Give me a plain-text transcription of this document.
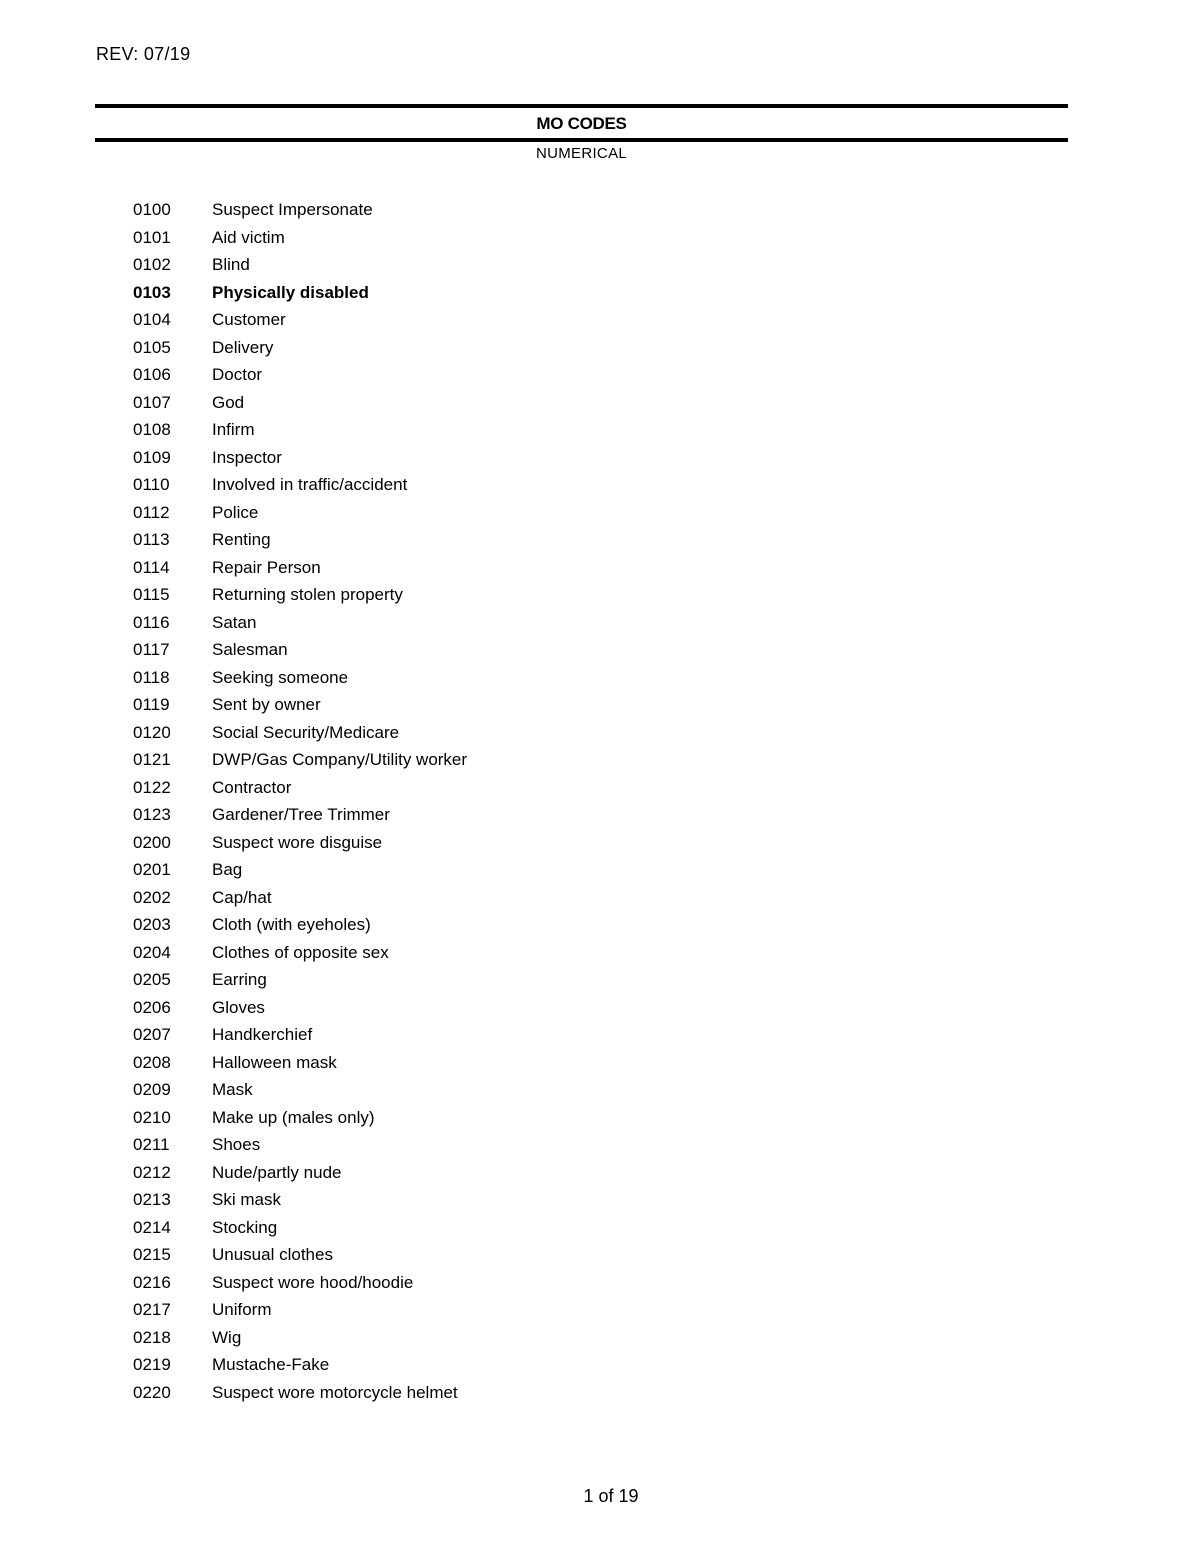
REV: 07/19
MO CODES
NUMERICAL
0100 Suspect Impersonate
0101 Aid victim
0102 Blind
0103 Physically disabled
0104 Customer
0105 Delivery
0106 Doctor
0107 God
0108 Infirm
0109 Inspector
0110 Involved in traffic/accident
0112 Police
0113 Renting
0114 Repair Person
0115 Returning stolen property
0116 Satan
0117 Salesman
0118 Seeking someone
0119 Sent by owner
0120 Social Security/Medicare
0121 DWP/Gas Company/Utility worker
0122 Contractor
0123 Gardener/Tree Trimmer
0200 Suspect wore disguise
0201 Bag
0202 Cap/hat
0203 Cloth (with eyeholes)
0204 Clothes of opposite sex
0205 Earring
0206 Gloves
0207 Handkerchief
0208 Halloween mask
0209 Mask
0210 Make up (males only)
0211 Shoes
0212 Nude/partly nude
0213 Ski mask
0214 Stocking
0215 Unusual clothes
0216 Suspect wore hood/hoodie
0217 Uniform
0218 Wig
0219 Mustache-Fake
0220 Suspect wore motorcycle helmet
1 of 19
